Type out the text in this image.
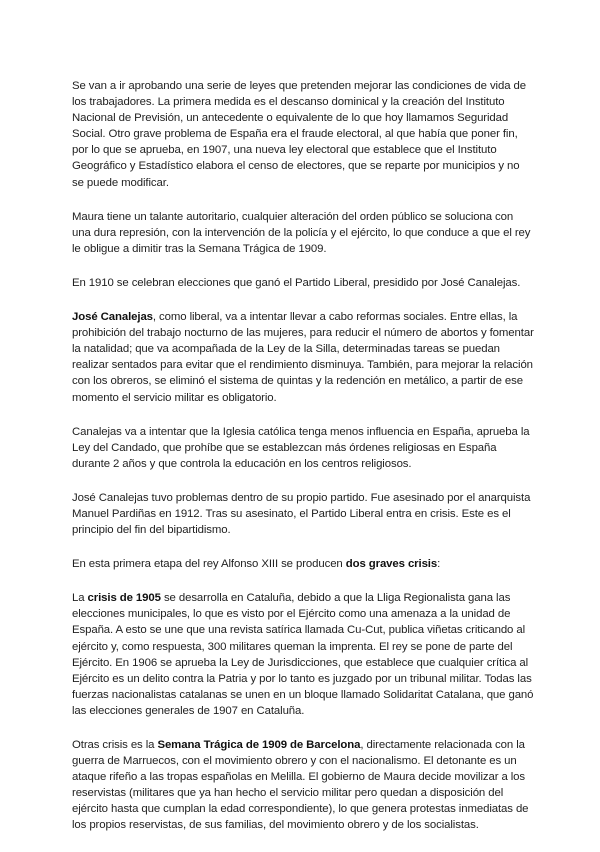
Se van a ir aprobando una serie de leyes que pretenden mejorar las condiciones de vida de los trabajadores. La primera medida es el descanso dominical y la creación del Instituto Nacional de Previsión, un antecedente o equivalente de lo que hoy llamamos Seguridad Social. Otro grave problema de España era el fraude electoral, al que había que poner fin, por lo que se aprueba, en 1907, una nueva ley electoral que establece que el Instituto Geográfico y Estadístico elabora el censo de electores, que se reparte por municipios y no se puede modificar.

Maura tiene un talante autoritario, cualquier alteración del orden público se soluciona con una dura represión, con la intervención de la policía y el ejército, lo que conduce a que el rey le obligue a dimitir tras la Semana Trágica de 1909.

En 1910 se celebran elecciones que ganó el Partido Liberal, presidido por José Canalejas.

José Canalejas, como liberal, va a intentar llevar a cabo reformas sociales. Entre ellas, la prohibición del trabajo nocturno de las mujeres, para reducir el número de abortos y fomentar la natalidad; que va acompañada de la Ley de la Silla, determinadas tareas se puedan realizar sentados para evitar que el rendimiento disminuya. También, para mejorar la relación con los obreros, se eliminó el sistema de quintas y la redención en metálico, a partir de ese momento el servicio militar es obligatorio.

Canalejas va a intentar que la Iglesia católica tenga menos influencia en España, aprueba la Ley del Candado, que prohíbe que se establezcan más órdenes religiosas en España durante 2 años y que controla la educación en los centros religiosos.

José Canalejas tuvo problemas dentro de su propio partido. Fue asesinado por el anarquista Manuel Pardiñas en 1912. Tras su asesinato, el Partido Liberal entra en crisis. Este es el principio del fin del bipartidismo.

En esta primera etapa del rey Alfonso XIII se producen dos graves crisis:

La crisis de 1905 se desarrolla en Cataluña, debido a que la Lliga Regionalista gana las elecciones municipales, lo que es visto por el Ejército como una amenaza a la unidad de España. A esto se une que una revista satírica llamada Cu-Cut, publica viñetas criticando al ejército y, como respuesta, 300 militares queman la imprenta. El rey se pone de parte del Ejército. En 1906 se aprueba la Ley de Jurisdicciones, que establece que cualquier crítica al Ejército es un delito contra la Patria y por lo tanto es juzgado por un tribunal militar. Todas las fuerzas nacionalistas catalanas se unen en un bloque llamado Solidaritat Catalana, que ganó las elecciones generales de 1907 en Cataluña.

Otras crisis es la Semana Trágica de 1909 de Barcelona, directamente relacionada con la guerra de Marruecos, con el movimiento obrero y con el nacionalismo. El detonante es un ataque rifeño a las tropas españolas en Melilla. El gobierno de Maura decide movilizar a los reservistas (militares que ya han hecho el servicio militar pero quedan a disposición del ejército hasta que cumplan la edad correspondiente), lo que genera protestas inmediatas de los propios reservistas, de sus familias, del movimiento obrero y de los socialistas.
